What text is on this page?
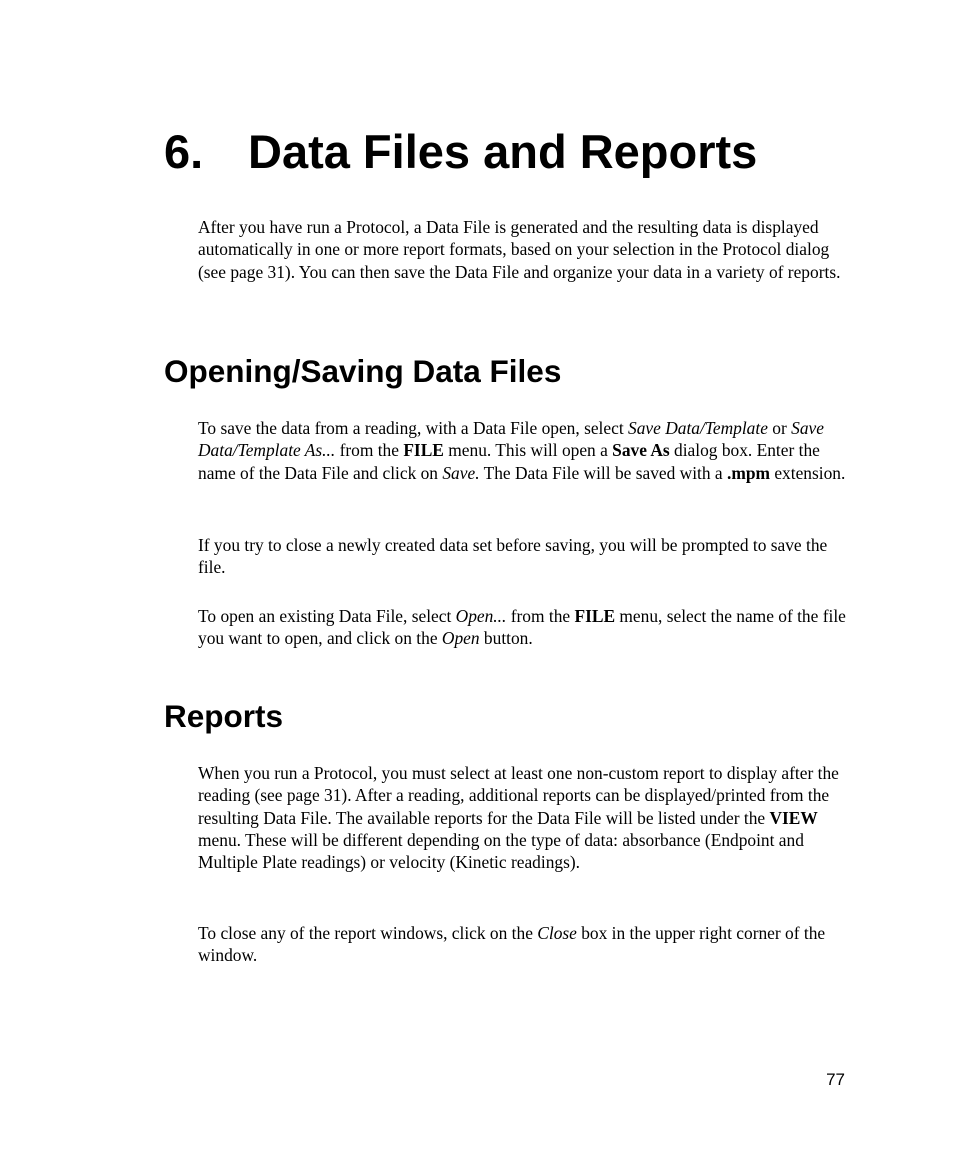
6. Data Files and Reports

After you have run a Protocol, a Data File is generated and the resulting data is displayed automatically in one or more report formats, based on your selection in the Protocol dialog (see page 31). You can then save the Data File and organize your data in a variety of reports.

Opening/Saving Data Files

To save the data from a reading, with a Data File open, select Save Data/Template or Save Data/Template As... from the FILE menu. This will open a Save As dialog box. Enter the name of the Data File and click on Save. The Data File will be saved with a .mpm extension.

If you try to close a newly created data set before saving, you will be prompted to save the file.

To open an existing Data File, select Open... from the FILE menu, select the name of the file you want to open, and click on the Open button.

Reports

When you run a Protocol, you must select at least one non-custom report to display after the reading (see page 31). After a reading, additional reports can be displayed/printed from the resulting Data File. The available reports for the Data File will be listed under the VIEW menu. These will be different depending on the type of data: absorbance (Endpoint and Multiple Plate readings) or velocity (Kinetic readings).

To close any of the report windows, click on the Close box in the upper right corner of the window.

77
